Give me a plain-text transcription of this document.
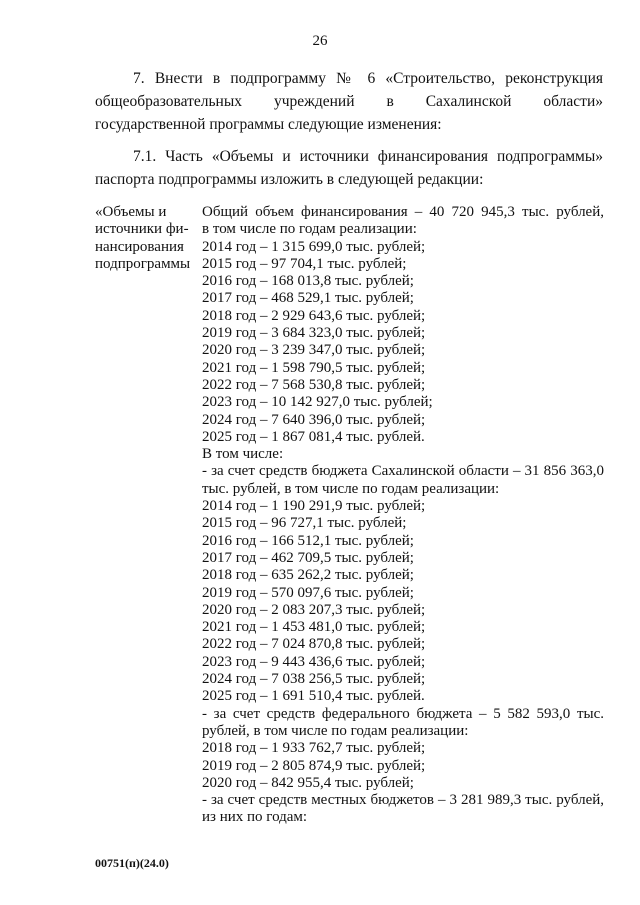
26
7. Внести в подпрограмму № 6 «Строительство, реконструкция общеобразовательных учреждений в Сахалинской области» государственной программы следующие изменения:
7.1. Часть «Объемы и источники финансирования подпрограммы» паспорта подпрограммы изложить в следующей редакции:
«Объемы и
источники фи-
нансирования
подпрограммы
Общий объем финансирования – 40 720 945,3 тыс. рублей,
в том числе по годам реализации:
2014 год – 1 315 699,0 тыс. рублей;
2015 год – 97 704,1 тыс. рублей;
2016 год – 168 013,8 тыс. рублей;
2017 год – 468 529,1 тыс. рублей;
2018 год – 2 929 643,6 тыс. рублей;
2019 год – 3 684 323,0 тыс. рублей;
2020 год – 3 239 347,0 тыс. рублей;
2021 год – 1 598 790,5 тыс. рублей;
2022 год – 7 568 530,8 тыс. рублей;
2023 год – 10 142 927,0 тыс. рублей;
2024 год – 7 640 396,0 тыс. рублей;
2025 год – 1 867 081,4 тыс. рублей.
В том числе:
- за счет средств бюджета Сахалинской области – 31 856 363,0
тыс. рублей, в том числе по годам реализации:
2014 год – 1 190 291,9 тыс. рублей;
2015 год – 96 727,1 тыс. рублей;
2016 год – 166 512,1 тыс. рублей;
2017 год – 462 709,5 тыс. рублей;
2018 год – 635 262,2 тыс. рублей;
2019 год – 570 097,6 тыс. рублей;
2020 год – 2 083 207,3 тыс. рублей;
2021 год – 1 453 481,0 тыс. рублей;
2022 год – 7 024 870,8 тыс. рублей;
2023 год – 9 443 436,6 тыс. рублей;
2024 год – 7 038 256,5 тыс. рублей;
2025 год – 1 691 510,4 тыс. рублей.
- за счет средств федерального бюджета – 5 582 593,0 тыс.
рублей, в том числе по годам реализации:
2018 год – 1 933 762,7 тыс. рублей;
2019 год – 2 805 874,9 тыс. рублей;
2020 год – 842 955,4 тыс. рублей;
- за счет средств местных бюджетов – 3 281 989,3 тыс. рублей,
из них по годам:
00751(п)(24.0)
